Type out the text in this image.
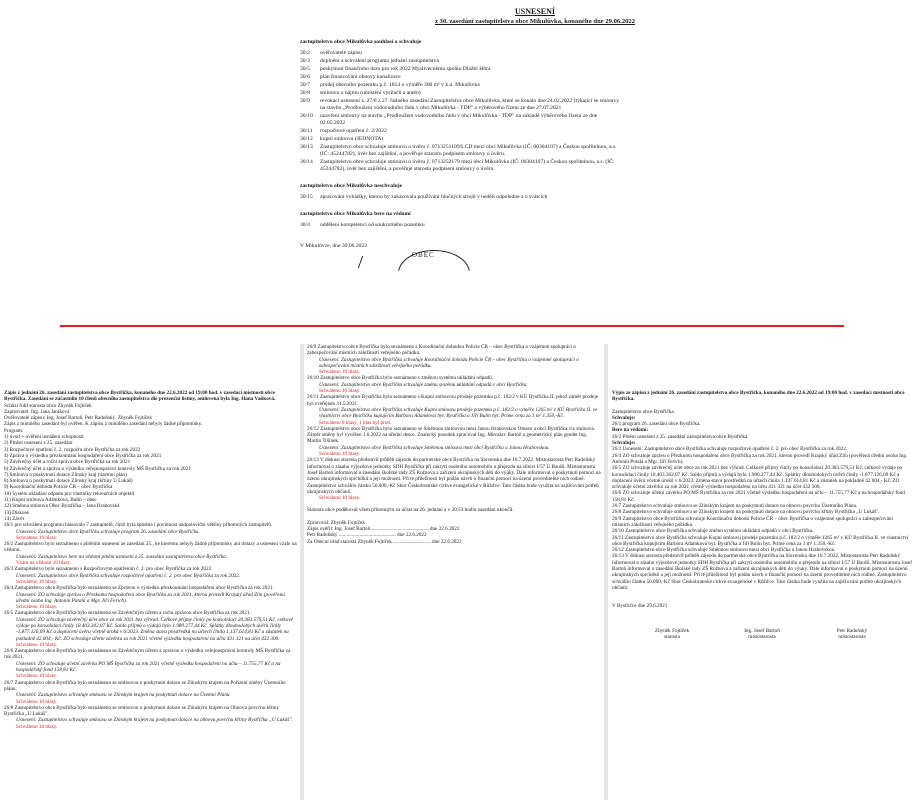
USNESENÍ
z 30. zasedání zastupitelstva obce Mikulůvka, konaného dne 29.06.2022
zastupitelstvo obce Mikulůvka souhlasí a schvaluje
30/2	ověřovatele zápisu
30/3	doplnění a schválení programu jednání zastupitelstva
30/5	poskytnutí finančního daru pro rok 2022 Myslivecnému spolku Dlažbí Hůra
30/6	plán financování obnovy kanalizace
30/7	prodej obecního pozemku p.č. 1814 o výměře 360 m² v k.ú. Mikulůvka
30/8	smlouvu o nájmu (umístění vysílačů a antén)
30/9	revokaci usnesení z. 27/6 z 27. řádného zasedání Zastupitelstva obce Mikulůvka, které se konalo dne 24.02.2022 (týkající se smlouvy na stavbu „Prodloužení vodovodního řádu v obci Mikulůvka - TDP" a výběrového řízení ze dne 27.07.2021
30/10	uzavření smlouvy na stavbu „Prodloužení vodovodního řádu v obci Mikulůvka - TDP" na základě výběrového řízení ze dne 02.05.2022
30/11	rozpočtové opatření č. 2/2022
30/12	kupní smlouvu (JEDNOTA)
30/13	Zastupitelstvo obce schvaluje smlouvu o úvěru č. 0713251109/LCD mezi obcí Mikulůvka (IČ: 00304107) a Českou spořitelnou, a.s. (IČ: 45244782), úvěr bez zajištění, a pověřuje starostu podpisem smlouvy o úvěru.
30/14	Zastupitelstvo obce schvaluje smlouvu o úvěru č. 0713252179 mezi obcí Mikulůvka (IČ: 00304107) a Českou spořitelnou, a.s. (IČ: 45244782), úvěr bez zajištění, a pověřuje starostu podpisem smlouvy o úvěru.
zastupitelstvo obce Mikulůvka neschvaluje
30/15	zpracování vyhlášky, kterou by zakazovala používání hlučných strojů v neděli odpoledne a o svátcích
zastupitelstvo obce Mikulůvka bere na vědomí
30/4	oddělení kompetencí od soukromého pozemku
V Mikulůvce, dne 30.06.2022
OBEC
Zápis z jednání 26. zasedání zastupitelstva obce Bystřička, konaného dne 22.6.2022 od 19:00 hod. v zasedací místnosti obce Bystřička. Zasedání se zúčastnilo 10 členů obecního zastupitelstva dle prezenční listiny, omluvena byla Ing. Hana Vaňková.
Schůzi řídil starosta obce Zbyněk Fojtíček
Zapisovatel: Ing. Jana Janíková
Ověřovatelé zápisu: Ing. Josef Bartoň, Petr Radoňský, Zbyněk Fojtíček
Zápis z minulého zasedání byl ověřen. K zápisu z minulého zasedání nebyly žádné připomínky.
Program:
1) úvod + ověření usnášení schopnosti
2) Plnění usnesení z 25. zasedání
3) Rozpočtové opatření č. 2. rozpočtu obce Bystřička za rok 2022
4) Zpráva o výsledku přezkoumání hospodaření obce Bystřička za rok 2021
5) Závěrečný účet a roční zpráva obce Bystřička za rok 2021
6) Závěrečný účet a zpráva o výsledku veřejnosprávní kontroly MŠ Bystřička za rok 2021
7) Smlouva o poskytnutí dotace Zlínský kraj (územní plán)
8) Smlouva o poskytnutí dotace Zlínský kraj (křtiny U Lukáš)
9) Koordinační dohoda Policie ČR – obec Bystřička
10) Systém ukládání odpadu pro vlastníky rekreačních objektů
11) Kupní smlouva Adámková, Bulín – obec
12) Směnná smlouva Obec Bystřička – Jana Hrabovská
13) Diskuse
14) Závěr
26/1 pro schválení programu hlasovalo 7 zastupitelů, čímž byla splněna i povinnost nadpoloviční většiny přítomných zastupitelů.
Usnesení: Zastupitelstvo obce Bystřička schvaluje program 26. zasedání obce Bystřička.
Schváleno 10 hlasy.
26/2 Zastupitelstvo bylo seznámeno s plněním usnesení ze zasedání 25., ke kterému nebyly žádné připomínky ani dotazy a usnesení vzalo na vědomí.
Usnesení: Zastupitelstvo bere na vědomí plnění usnesení z 25. zasedání zastupitelstva obce Bystřička.
Vzato na vědomí 10 hlasy.
26/3 Zastupitelstvo bylo seznámeno s Rozpočtovým opatřením č. 2. pro obec Bystřička za rok 2022
Usnesení: Zastupitelstvo obce Bystřička schvaluje rozpočtové opatření č. 2. pro obec Bystřička za rok 2022.
Schváleno 10 hlasy.
26/4 Zastupitelstvo obce Bystřička bylo seznámeno se Zprávou o výsledku přezkoumání hospodaření obce Bystřička za rok 2021.
Usnesení: ZO schvaluje zprávu o Přezkumu hospodaření obce Bystřička za rok 2021, kterou provedl Krajský úřad Zlín (pověřená úřední osoba Ing. Antonín Putala a Mgr. Jiří Ferich).
Schváleno 10 hlasy.
26/5 Zastupitelstvo obce Bystřička bylo seznámeno se Závěrečným účtem a roční zprávou obce Bystřička za rok 2021.
Usnesení: ZO schvaluje závěrečný účet obce za rok 2021 bez výhrad. Celkové příjmy činily po konsolidaci 20.383.579,51 Kč, celkové výdaje po konsolidaci činily 18.403.302,07 Kč. Saldo příjmů a výdajů bylo 1.980.277,44 Kč. Splátky dlouhodobých úvěrů činily -1.877.126,09 Kč a doplacení úvěru včetně úroků v 6/2023. Změna stavu prostředků na účtech činila 1.137.614,81 Kč a zůstatek na pokladně 42.004,- Kč. ZO schvaluje účetní závěrku za rok 2021 včetně výsledku hospodaření na účtu 431 321 na účet 432 300.
Schváleno 10 hlasy.
26/6 Zastupitelstvo obce Bystřička bylo seznámeno se Závěrečným účtem a zprávou o výsledku veřejnosprávní kontroly MŠ Bystřička za rok 2021.
Usnesení: ZO schvaluje účetní závěrku PO MŠ Bystřička za rok 2021 včetně výsledku hospodaření na účtu – 11.755,77 Kč a na hospodářský fond 158,81 Kč.
Schváleno 10 hlasy.
26/7 Zastupitelstvo obce Bystřička bylo seznámeno se smlouvou o poskytnutí dotace se Zlínským krajem na Pořízení změny Územního plánu.
Usnesení: Zastupitelstvo schvaluje smlouvu se Zlínským krajem na poskytnutí dotace na Územní Plánu.
Schváleno 10 hlasy.
26/8 Zastupitelstvo obce Bystřička bylo seznámeno se smlouvou o poskytnutí dotace se Zlínským krajem na Obnovu povrchu křtiny Bystřička „U Lukáš".
Usnesení: Zastupitelstvo schvaluje smlouvu se Zlínským krajem na poskytnutí dotace na obnovu povrchu křtiny Bystřička „U Lukáš".
Schváleno 10 hlasy.
26/9 Zastupitelstvo obce Bystřička bylo seznámeno s Koordinační dohodou Policie ČR – obec Bystřička o vzájemné spolupráci o zabezpečování místních záležitostí veřejného pořádku.
Usnesení: Zastupitelstvo obce Bystřička schvaluje Koordinační dohodu Policie ČR – obec Bystřička o vzájemné spolupráci o zabezpečování místních záležitostí veřejného pořádku.
Schváleno 10 hlasy.
26/10 Zastupitelstvo obce Bystřička bylo seznámeno s změnou systému ukládání odpadů.
Usnesení: Zastupitelstvo obce Bystřička schvaluje změnu systému ukládání odpadů v obci Bystřička.
Schváleno 10 hlasy.
26/11 Zastupitelstvo obce Bystřička bylo seznámeno s Kupní smlouvou prodeje pozemku p.č. 182/2 v KÚ Bystřička II. jehož záměr prodeje byl zveřejněn 31.5.2021.
Usnesení: Zastupitelstvo obce Bystřička schvaluje Kupní smlouvu prodeje pozemku p.č. 182/2 o výměře 1265 m² v KÚ Bystřička II. ve vlastnictví obce Bystřička kupujícím Barbora Adámková byt. Bystřička a Jiří Bulín byt. Prime cena za 1 m² 1.350,-Kč.
Schváleno 9 hlasy, 1 hlas byl proti.
26/12 Zastupitelstvo obce Bystřička bylo seznámeno se Směnnou smlouvou mezi Janou Hrabovskou Omace a obcí Bystřička viz smlouva. Záměr směny byl vyvěšen 1.6.2022 na úřední desce. Znalecký posudek zpracoval Ing. Miroslav Bartoň a geometrický plán geodet Ing. Martin Tršínek.
Usnesení: Zastupitelstvo obce Bystřička schvaluje Směnnou smlouvu mezi obcí Bystřička a Janou Hrabovskou.
Schváleno 10 hlasy.
26/13 V diskusi starosta představil průběh zájezdu do partnerské obce Bystrička na Slovensku dne 16.7.2022. Místostarosta Petr Radoňský informoval o zásahu výjezdové jednotky SDH Bystřička při zakrytí osobního automobilu u přejezdu na silnici I/57 U Baušů. Místostarosta Josef Bartoň informoval o zasedání školské rady ZŠ Rožnova a zařízení ukrajinských dětí do výuky. Dále informoval o poskytnutí pomoci na území ukrajinských sprchlíků a její možnosti. Při té příležitosti byl podán návrh o finanční pomoci na území proveditelné nich rodině. Zastupitelstvo schválilo částku 50.000,-Kč Sbor Českobratrské církve evangelické v Růžďce. Tato částka bude využita na zajišťování potřeb ukrajinských občanů.
Schváleno 10 hlasy.
Starosta obce poděkoval všem přítomným za účast na 26. jednání a v 20:53 hodin zasedání ukončil.
Zpracoval: Zbyněk Fojtíček
Zápis ověřil: Ing. Josef Bartoň ............................................ dne 22.6.2022
Petr Radoňský ............................................ dne 22.6.2022
Za Obecní úřad starosta Zbyněk Fojtíček ............................. dne 22.6.2022
Výpis ze zápisu z jednání 26. zasedání zastupitelstva obce Bystřička, konaného dne 22.6.2022 od 19:00 hod. v zasedací místnosti obce Bystřička.
Zastupitelstvo obce Bystřička
Schvaluje:
26/1 program 26. zasedání obce Bystřička.
Bere na vědomí:
26/2 Plnění usnesení z 25. zasedání zastupitelstva obce Bystřička.
Schvaluje:
26/3 Usnesení: Zastupitelstvo obce Bystřička schvaluje rozpočtové opatření č. 2. pro obec Bystřička za rok 2022.
26/4 ZO schvaluje zprávu o Přezkumu hospodaření obce Bystřička za rok 2021, kterou provedl Krajský úřad Zlín (pověřená úřední osoba Ing. Antonín Putala a Mgr. Jiří Ferich).
26/5 ZO schvaluje závěrečný účet obce za rok 2021 bez výhrad. Celkové příjmy činily po konsolidaci 20.383.579,51 Kč, celkové výdaje po konsolidaci činily 18.403.302,07 Kč. Saldo příjmů a výdajů bylo 1.980.277,44 Kč. Splátky dlouhodobých úvěrů činily -1.877.126,09 Kč a doplacení úvěru včetně úroků v 6/2023. Změna stavu prostředků na účtech činila 1.137.614,81 Kč a zůstatek na pokladně 42.004,- Kč. ZO schvaluje účetní závěrku za rok 2021 včetně výsledku hospodaření na účtu 431 321 na účet 432 300.
26/6 ZO schvaluje účetní závěrku PO MŠ Bystřička za rok 2021 včetně výsledku hospodaření na účtu – 11.755,77 Kč a na hospodářský fond 158,81 Kč.
26/7 Zastupitelstvo schvaluje smlouvu se Zlínským krajem na poskytnutí dotace na obnovu povrchu Územního Plánu.
26/8 Zastupitelstvo schvaluje smlouvu se Zlínským krajem na poskytnutí dotace na obnovu povrchu křtiny Bystřička „U Lukáš".
26/9 Zastupitelstvo obce Bystřička schvaluje Koordinační dohodu Policie ČR – obec Bystřička o vzájemné spolupráci o zabezpečování místních záležitostí veřejného pořádku.
26/10 Zastupitelstvo obce Bystřička schvaluje změnu systému ukládání odpadů v obci Bystřička.
26/11 Zastupitelstvo obce Bystřička schvaluje Kupní smlouvu prodeje pozemku p.č. 182/2 o výměře 1265 m² v KÚ Bystřička II. ve vlastnictví obce Bystřička kupujícím Barbora Adámková byt. Bystřička a Jiří Bulín byt. Prime cena za 1 m² 1.350,-Kč.
26/12 Zastupitelstvo obce Bystřička schvaluje Směnnou smlouvu mezi obcí Bystřička a Janou Hrabovskou.
26/13 V diskusi starosta představil průběh zájezdu do partnerské obce Bystrička na Slovensku dne 16.7.2022. Místostarosta Petr Radoňský informoval o zásahu výjezdové jednotky SDH Bystřička při zakrytí osobního automobilu u přejezdu na silnici I/57 U Baušů. Místostarosta Josef Bartoň informoval o zasedání školské rady ZŠ Rožnova a zařízení ukrajinských dětí do výuky. Dále informoval o poskytnutí pomoci na území ukrajinských sprchlíků a její možnosti. Při té příležitosti byl podán návrh o finanční pomoci na území proveditelné nich rodině. Zastupitelstvo schválilo částku 50.000,-Kč Sbor Českobratrské církve evangelické v Růžďce. Tato částka bude využita na zajišťování potřeb ukrajinských občanů.
V Bystřičce dne 29.6.2021
Zbyněk Fojtíček
starosta
Ing. Josef Bartoň
místostarosta
Petr Radoňský
místostarosta
